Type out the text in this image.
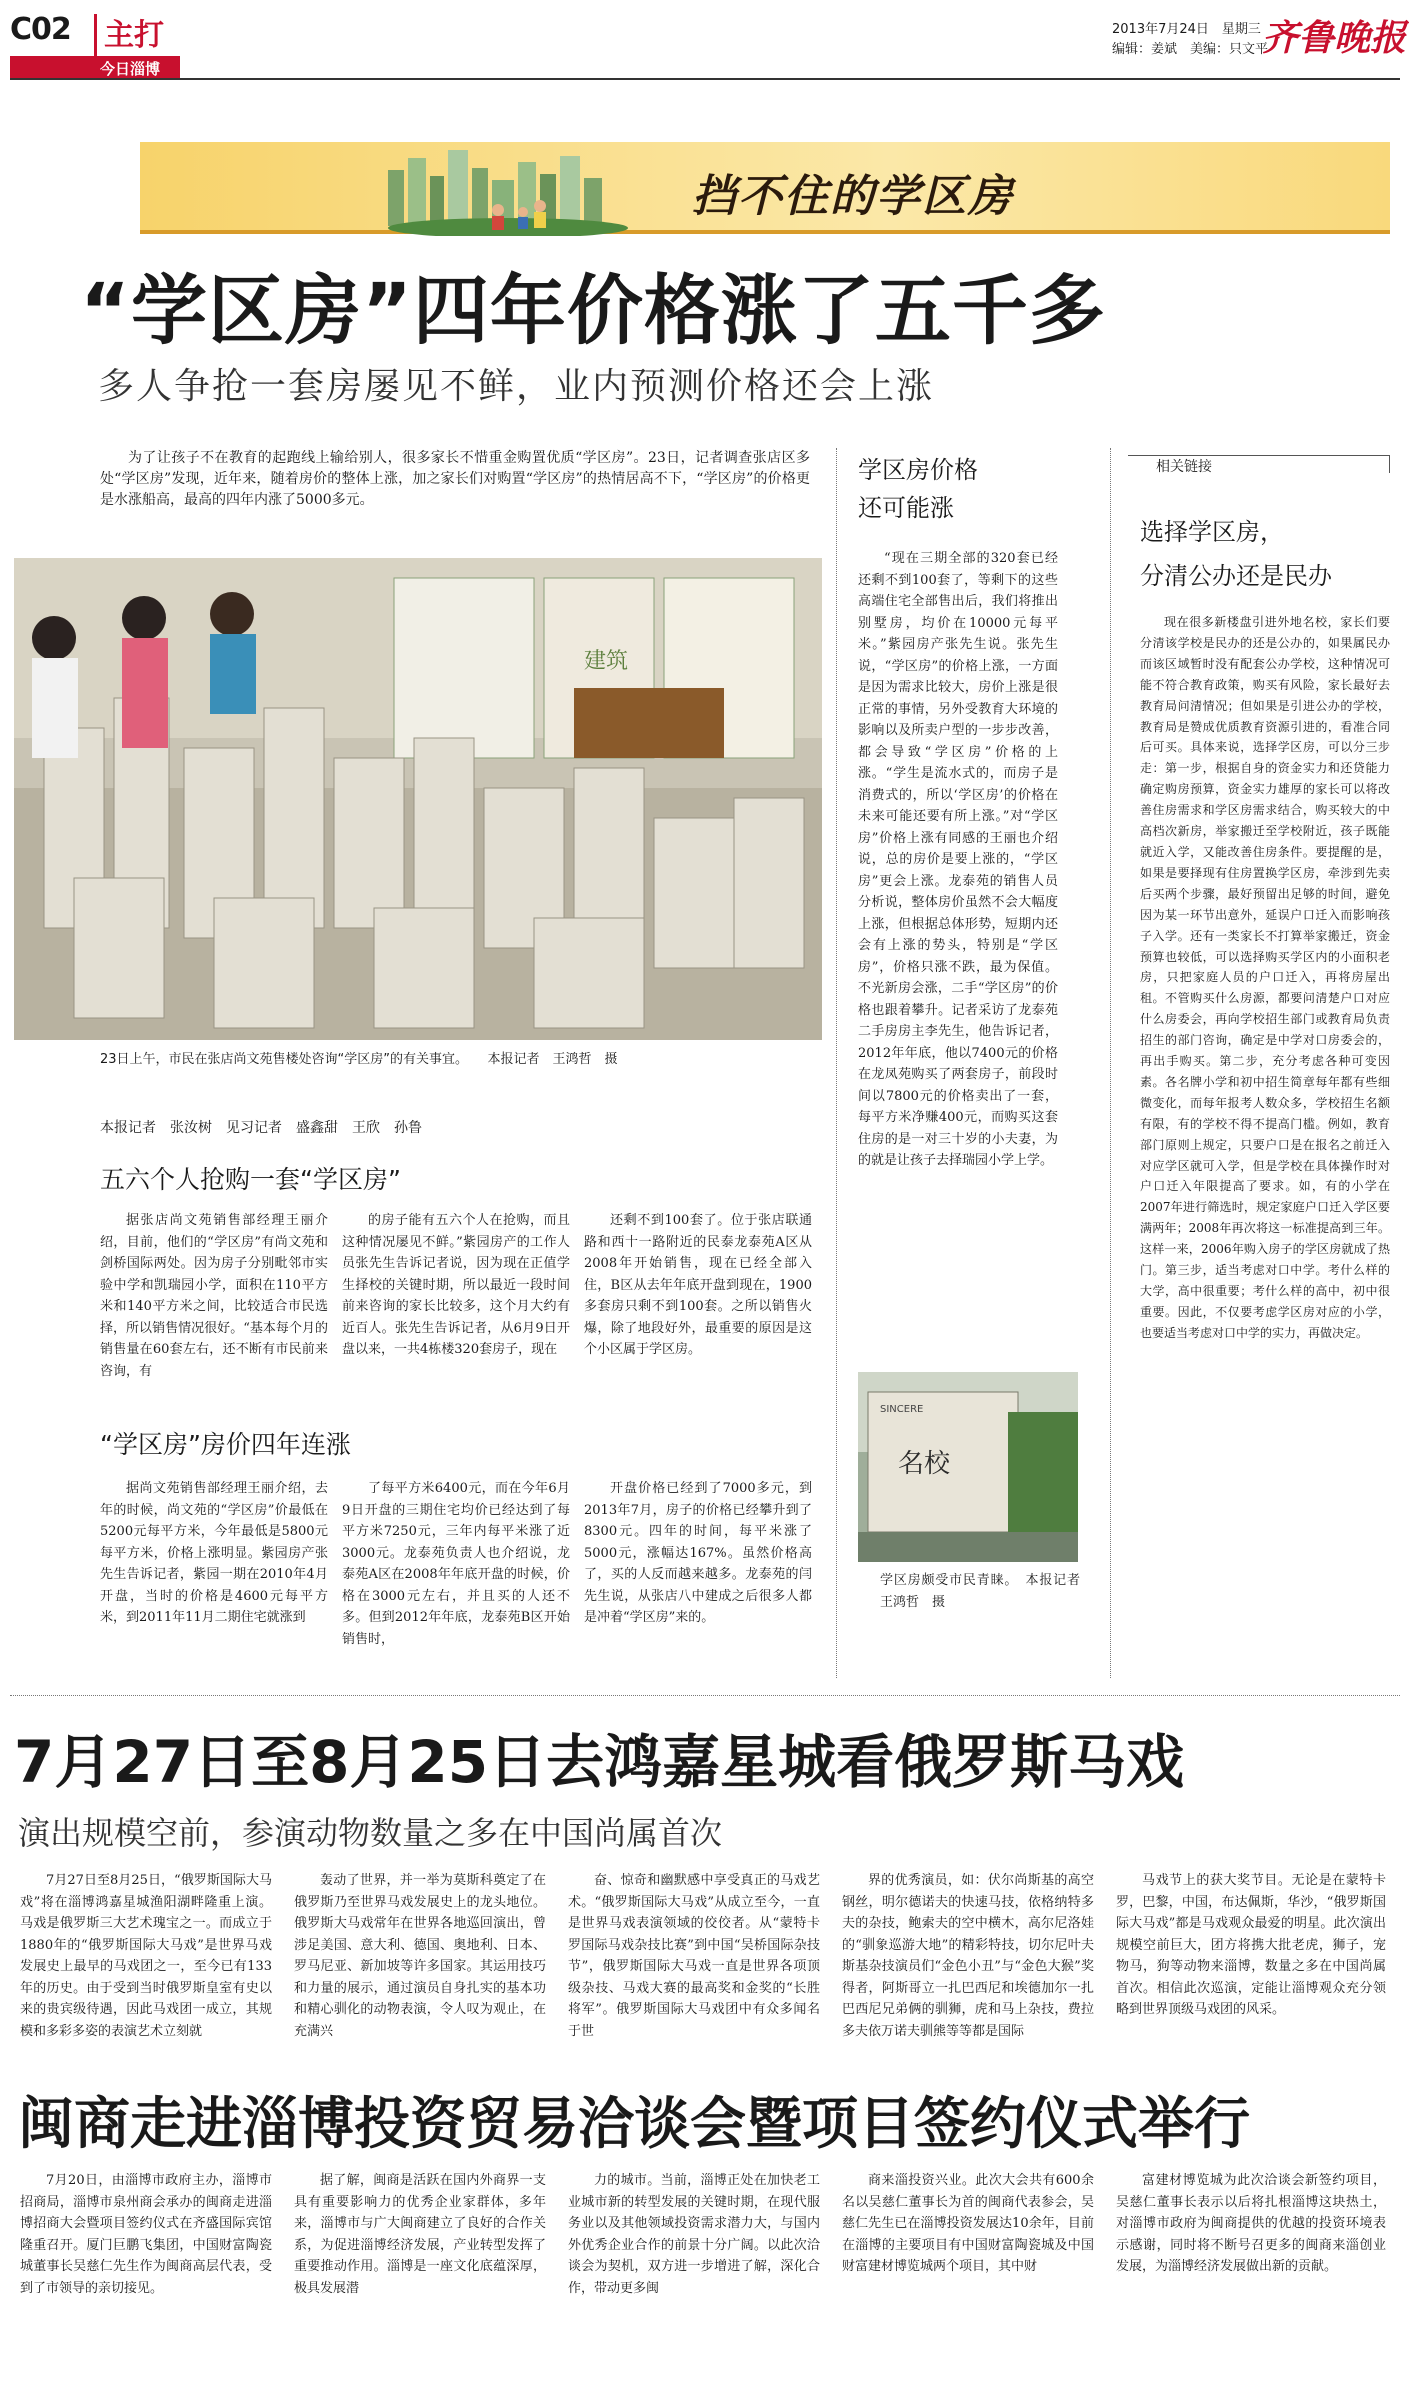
C02 主打
今日淄博
2013年7月24日　星期三
编辑：姜斌　美编：只文平
齐鲁晚报
挡不住的学区房
“学区房”四年价格涨了五千多
多人争抢一套房屡见不鲜，业内预测价格还会上涨

为了让孩子不在教育的起跑线上输给别人，很多家长不惜重金购置优质“学区房”。23日，记者调查张店区多处“学区房”发现，近年来，随着房价的整体上涨，加之家长们对购置“学区房”的热情居高不下，“学区房”的价格更是水涨船高，最高的四年内涨了5000多元。

建筑
23日上午，市民在张店尚文苑售楼处咨询“学区房”的有关事宜。　　本报记者　王鸿哲　摄
本报记者　张汝树　见习记者　盛鑫甜　王欣　孙鲁
五六个人抢购一套“学区房”

据张店尚文苑销售部经理王丽介绍，目前，他们的“学区房”有尚文苑和剑桥国际两处。因为房子分别毗邻市实验中学和凯瑞园小学，面积在110平方米和140平方米之间，比较适合市民选择，所以销售情况很好。“基本每个月的销售量在60套左右，还不断有市民前来咨询，有

的房子能有五六个人在抢购，而且这种情况屡见不鲜。”紫园房产的工作人员张先生告诉记者说，因为现在正值学生择校的关键时期，所以最近一段时间前来咨询的家长比较多，这个月大约有近百人。张先生告诉记者，从6月9日开盘以来，一共4栋楼320套房子，现在

还剩不到100套了。位于张店联通路和西十一路附近的民泰龙泰苑A区从2008年开始销售，现在已经全部入住，B区从去年年底开盘到现在，1900多套房只剩不到100套。之所以销售火爆，除了地段好外，最重要的原因是这个小区属于学区房。

“学区房”房价四年连涨

据尚文苑销售部经理王丽介绍，去年的时候，尚文苑的“学区房”价最低在5200元每平方米，今年最低是5800元每平方米，价格上涨明显。紫园房产张先生告诉记者，紫园一期在2010年4月开盘，当时的价格是4600元每平方米，到2011年11月二期住宅就涨到

了每平方米6400元，而在今年6月9日开盘的三期住宅均价已经达到了每平方米7250元，三年内每平米涨了近3000元。龙泰苑负责人也介绍说，龙泰苑A区在2008年年底开盘的时候，价格在3000元左右，并且买的人还不多。但到2012年年底，龙泰苑B区开始销售时，

开盘价格已经到了7000多元，到2013年7月，房子的价格已经攀升到了8300元。四年的时间，每平米涨了5000元，涨幅达167%。虽然价格高了，买的人反而越来越多。龙泰苑的闫先生说，从张店八中建成之后很多人都是冲着“学区房”来的。

学区房价格
还可能涨

“现在三期全部的320套已经还剩不到100套了，等剩下的这些高端住宅全部售出后，我们将推出别墅房，均价在10000元每平米。”紫园房产张先生说。张先生说，“学区房”的价格上涨，一方面是因为需求比较大，房价上涨是很正常的事情，另外受教育大环境的影响以及所卖户型的一步步改善，都会导致“学区房”价格的上涨。“学生是流水式的，而房子是消费式的，所以‘学区房’的价格在未来可能还要有所上涨。”对“学区房”价格上涨有同感的王丽也介绍说，总的房价是要上涨的，“学区房”更会上涨。龙泰苑的销售人员分析说，整体房价虽然不会大幅度上涨，但根据总体形势，短期内还会有上涨的势头，特别是“学区房”，价格只涨不跌，最为保值。不光新房会涨，二手“学区房”的价格也跟着攀升。记者采访了龙泰苑二手房房主李先生，他告诉记者，2012年年底，他以7400元的价格在龙凤苑购买了两套房子，前段时间以7800元的价格卖出了一套，每平方米净赚400元，而购买这套住房的是一对三十岁的小夫妻，为的就是让孩子去择瑞园小学上学。

SINCERE
名校

学区房颇受市民青睐。　本报记者　王鸿哲　摄

相关链接
选择学区房，
分清公办还是民办

现在很多新楼盘引进外地名校，家长们要分清该学校是民办的还是公办的，如果属民办而该区域暂时没有配套公办学校，这种情况可能不符合教育政策，购买有风险，家长最好去教育局问清情况；但如果是引进公办的学校，教育局是赞成优质教育资源引进的，看准合同后可买。具体来说，选择学区房，可以分三步走：第一步，根据自身的资金实力和还贷能力确定购房预算，资金实力雄厚的家长可以将改善住房需求和学区房需求结合，购买较大的中高档次新房，举家搬迁至学校附近，孩子既能就近入学，又能改善住房条件。要提醒的是，如果是要择现有住房置换学区房，牵涉到先卖后买两个步骤，最好预留出足够的时间，避免因为某一环节出意外，延误户口迁入而影响孩子入学。还有一类家长不打算举家搬迁，资金预算也较低，可以选择购买学区内的小面积老房，只把家庭人员的户口迁入，再将房屋出租。不管购买什么房源，都要问清楚户口对应什么房委会，再向学校招生部门或教育局负责招生的部门咨询，确定是中学对口房委会的，再出手购买。第二步，充分考虑各种可变因素。各名牌小学和初中招生简章每年都有些细微变化，而每年报考人数众多，学校招生名额有限，有的学校不得不提高门槛。例如，教育部门原则上规定，只要户口是在报名之前迁入对应学区就可入学，但是学校在具体操作时对户口迁入年限提高了要求。如，有的小学在2007年进行筛选时，规定家庭户口迁入学区要满两年；2008年再次将这一标准提高到三年。这样一来，2006年购入房子的学区房就成了热门。第三步，适当考虑对口中学。考什么样的大学，高中很重要；考什么样的高中，初中很重要。因此，不仅要考虑学区房对应的小学，也要适当考虑对口中学的实力，再做决定。

7月27日至8月25日去鸿嘉星城看俄罗斯马戏
演出规模空前，参演动物数量之多在中国尚属首次

7月27日至8月25日，“俄罗斯国际大马戏”将在淄博鸿嘉星城渔阳湖畔隆重上演。马戏是俄罗斯三大艺术瑰宝之一。而成立于1880年的“俄罗斯国际大马戏”是世界马戏发展史上最早的马戏团之一，至今已有133年的历史。由于受到当时俄罗斯皇室有史以来的贵宾级待遇，因此马戏团一成立，其规模和多彩多姿的表演艺术立刻就

轰动了世界，并一举为莫斯科奠定了在俄罗斯乃至世界马戏发展史上的龙头地位。俄罗斯大马戏常年在世界各地巡回演出，曾涉足美国、意大利、德国、奥地利、日本、罗马尼亚、新加坡等许多国家。其运用技巧和力量的展示，通过演员自身扎实的基本功和精心驯化的动物表演，令人叹为观止，在充满兴

奋、惊奇和幽默感中享受真正的马戏艺术。“俄罗斯国际大马戏”从成立至今，一直是世界马戏表演领域的佼佼者。从“蒙特卡罗国际马戏杂技比赛”到中国“吴桥国际杂技节”，俄罗斯国际大马戏一直是世界各项顶级杂技、马戏大赛的最高奖和金奖的“长胜将军”。俄罗斯国际大马戏团中有众多闻名于世

界的优秀演员，如：伏尔尚斯基的高空钢丝，明尔德诺夫的快速马技，依格纳特多夫的杂技，鲍索夫的空中横木，高尔尼洛娃的“驯象巡游大地”的精彩特技，切尔尼叶夫斯基杂技演员们“金色小丑”与“金色大猴”奖得者，阿斯哥立一扎巴西尼和埃德加尔一扎巴西尼兄弟俩的驯狮，虎和马上杂技，费拉多夫依万诺夫驯熊等等都是国际

马戏节上的获大奖节目。无论是在蒙特卡罗，巴黎，中国，布达佩斯，华沙，“俄罗斯国际大马戏”都是马戏观众最爱的明星。此次演出规模空前巨大，团方将携大批老虎，狮子，宠物马，狗等动物来淄博，数量之多在中国尚属首次。相信此次巡演，定能让淄博观众充分领略到世界顶级马戏团的风采。

闽商走进淄博投资贸易洽谈会暨项目签约仪式举行

7月20日，由淄博市政府主办，淄博市招商局，淄博市泉州商会承办的闽商走进淄博招商大会暨项目签约仪式在齐盛国际宾馆隆重召开。厦门巨鹏飞集团，中国财富陶瓷城董事长吴慈仁先生作为闽商高层代表，受到了市领导的亲切接见。

据了解，闽商是活跃在国内外商界一支具有重要影响力的优秀企业家群体，多年来，淄博市与广大闽商建立了良好的合作关系，为促进淄博经济发展，产业转型发挥了重要推动作用。淄博是一座文化底蕴深厚，极具发展潜

力的城市。当前，淄博正处在加快老工业城市新的转型发展的关键时期，在现代服务业以及其他领域投资需求潜力大，与国内外优秀企业合作的前景十分广阔。以此次洽谈会为契机，双方进一步增进了解，深化合作，带动更多闽

商来淄投资兴业。此次大会共有600余名以吴慈仁董事长为首的闽商代表参会，吴慈仁先生已在淄博投资发展达10余年，目前在淄博的主要项目有中国财富陶瓷城及中国财富建材博览城两个项目，其中财

富建材博览城为此次洽谈会新签约项目，吴慈仁董事长表示以后将扎根淄博这块热土，对淄博市政府为闽商提供的优越的投资环境表示感谢，同时将不断号召更多的闽商来淄创业发展，为淄博经济发展做出新的贡献。
